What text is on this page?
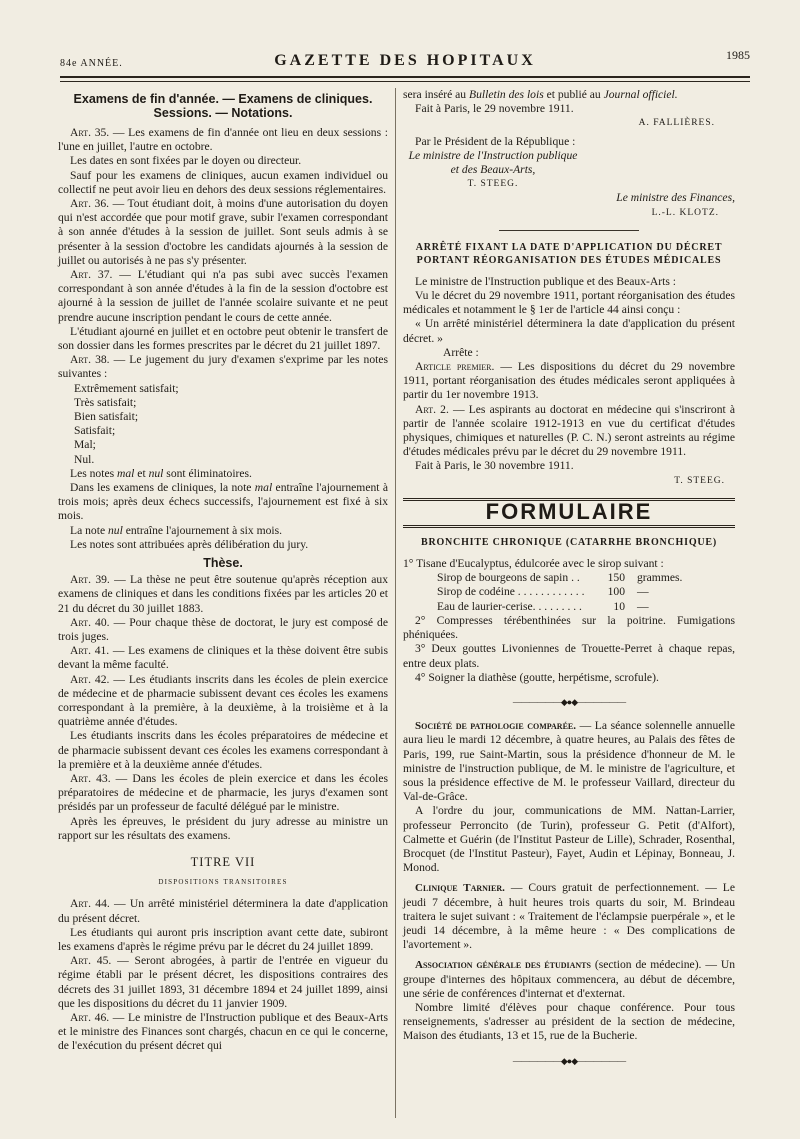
84e ANNÉE.	GAZETTE DES HOPITAUX	1985
Examens de fin d'année. — Examens de cliniques. Sessions. — Notations.

Art. 35. — Les examens de fin d'année ont lieu en deux sessions : l'une en juillet, l'autre en octobre.

Les dates en sont fixées par le doyen ou directeur.

Sauf pour les examens de cliniques, aucun examen individuel ou collectif ne peut avoir lieu en dehors des deux sessions réglementaires.

Art. 36. — Tout étudiant doit, à moins d'une autorisation du doyen qui n'est accordée que pour motif grave, subir l'examen correspondant à son année d'études à la session de juillet. Sont seuls admis à se présenter à la session d'octobre les candidats ajournés à la session de juillet ou autorisés à ne pas s'y présenter.

Art. 37. — L'étudiant qui n'a pas subi avec succès l'examen correspondant à son année d'études à la fin de la session d'octobre est ajourné à la session de juillet de l'année scolaire suivante et ne peut prendre aucune inscription pendant le cours de cette année.

L'étudiant ajourné en juillet et en octobre peut obtenir le transfert de son dossier dans les formes prescrites par le décret du 21 juillet 1897.

Art. 38. — Le jugement du jury d'examen s'exprime par les notes suivantes :

Extrêmement satisfait;

Très satisfait;

Bien satisfait;

Satisfait;

Mal;

Nul.

Les notes mal et nul sont éliminatoires.

Dans les examens de cliniques, la note mal entraîne l'ajournement à trois mois; après deux échecs successifs, l'ajournement est fixé à six mois.

La note nul entraîne l'ajournement à six mois.

Les notes sont attribuées après délibération du jury.

Thèse.

Art. 39. — La thèse ne peut être soutenue qu'après réception aux examens de cliniques et dans les conditions fixées par les articles 20 et 21 du décret du 30 juillet 1883.

Art. 40. — Pour chaque thèse de doctorat, le jury est composé de trois juges.

Art. 41. — Les examens de cliniques et la thèse doivent être subis devant la même faculté.

Art. 42. — Les étudiants inscrits dans les écoles de plein exercice de médecine et de pharmacie subissent devant ces écoles les examens correspondant à la première, à la deuxième, à la troisième et à la quatrième année d'études.

Les étudiants inscrits dans les écoles préparatoires de médecine et de pharmacie subissent devant ces écoles les examens correspondant à la première et à la deuxième année d'études.

Art. 43. — Dans les écoles de plein exercice et dans les écoles préparatoires de médecine et de pharmacie, les jurys d'examen sont présidés par un professeur de faculté délégué par le ministre.

Après les épreuves, le président du jury adresse au ministre un rapport sur les résultats des examens.

TITRE VII
dispositions transitoires

Art. 44. — Un arrêté ministériel déterminera la date d'application du présent décret.

Les étudiants qui auront pris inscription avant cette date, subiront les examens d'après le régime prévu par le décret du 24 juillet 1899.

Art. 45. — Seront abrogées, à partir de l'entrée en vigueur du régime établi par le présent décret, les dispositions contraires des décrets des 31 juillet 1893, 31 décembre 1894 et 24 juillet 1899, ainsi que les dispositions du décret du 11 janvier 1909.

Art. 46. — Le ministre de l'Instruction publique et des Beaux-Arts et le ministre des Finances sont chargés, chacun en ce qui le concerne, de l'exécution du présent décret qui

sera inséré au Bulletin des lois et publié au Journal officiel.

Fait à Paris, le 29 novembre 1911.

A. FALLIÈRES.

Par le Président de la République :

Le ministre de l'Instruction publique
et des Beaux-Arts,
T. STEEG.
Le ministre des Finances,
L.-L. KLOTZ.
ARRÊTÉ FIXANT LA DATE D'APPLICATION DU DÉCRET PORTANT RÉORGANISATION DES ÉTUDES MÉDICALES

Le ministre de l'Instruction publique et des Beaux-Arts :

Vu le décret du 29 novembre 1911, portant réorganisation des études médicales et notamment le § 1er de l'article 44 ainsi conçu :

« Un arrêté ministériel déterminera la date d'application du présent décret. »

Arrête :

Article premier. — Les dispositions du décret du 29 novembre 1911, portant réorganisation des études médicales seront appliquées à partir du 1er novembre 1913.

Art. 2. — Les aspirants au doctorat en médecine qui s'inscriront à partir de l'année scolaire 1912-1913 en vue du certificat d'études physiques, chimiques et naturelles (P. C. N.) seront astreints au régime d'études médicales prévu par le décret du 29 novembre 1911.

Fait à Paris, le 30 novembre 1911.

T. STEEG.
FORMULAIRE
BRONCHITE CHRONIQUE (CATARRHE BRONCHIQUE)

1° Tisane d'Eucalyptus, édulcorée avec le sirop suivant :

Sirop de bourgeons de sapin . .	150 grammes.
Sirop de codéine . . . . . . . . . . . .	100 —
Eau de laurier-cerise. . . . . . . . .	10 —

2° Compresses térébenthinées sur la poitrine. Fumigations phéniquées.

3° Deux gouttes Livoniennes de Trouette-Perret à chaque repas, entre deux plats.

4° Soigner la diathèse (goutte, herpétisme, scrofule).

——————◆●◆——————

Société de pathologie comparée. — La séance solennelle annuelle aura lieu le mardi 12 décembre, à quatre heures, au Palais des fêtes de Paris, 199, rue Saint-Martin, sous la présidence d'honneur de M. le ministre de l'instruction publique, de M. le ministre de l'agriculture, et sous la présidence effective de M. le professeur Vaillard, directeur du Val-de-Grâce.

A l'ordre du jour, communications de MM. Nattan-Larrier, professeur Perroncito (de Turin), professeur G. Petit (d'Alfort), Calmette et Guérin (de l'Institut Pasteur de Lille), Schrader, Rosenthal, Brocquet (de l'Institut Pasteur), Fayet, Audin et Lépinay, Bonneau, J. Monod.

Clinique Tarnier. — Cours gratuit de perfectionnement. — Le jeudi 7 décembre, à huit heures trois quarts du soir, M. Brindeau traitera le sujet suivant : « Traitement de l'éclampsie puerpérale », et le jeudi 14 décembre, à la même heure : « Des complications de l'avortement ».

Association générale des étudiants (section de médecine). — Un groupe d'internes des hôpitaux commencera, au début de décembre, une série de conférences d'internat et d'externat.

Nombre limité d'élèves pour chaque conférence. Pour tous renseignements, s'adresser au président de la section de médecine, Maison des étudiants, 13 et 15, rue de la Bucherie.

——————◆●◆——————
